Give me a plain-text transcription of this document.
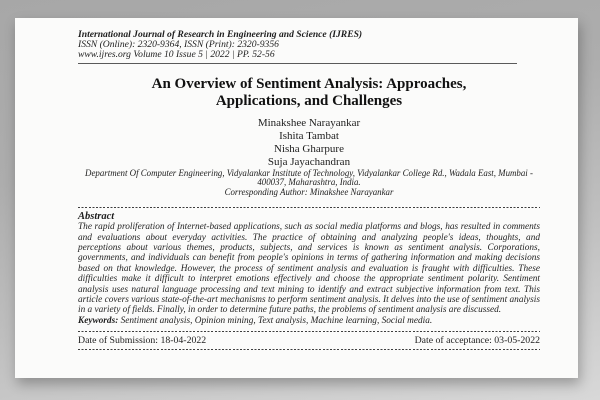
International Journal of Research in Engineering and Science (IJRES)
ISSN (Online): 2320-9364, ISSN (Print): 2320-9356
www.ijres.org Volume 10 Issue 5 | 2022 | PP. 52-56
An Overview of Sentiment Analysis: Approaches,
Applications, and Challenges
Minakshee Narayankar
Ishita Tambat
Nisha Gharpure
Suja Jayachandran
Department Of Computer Engineering, Vidyalankar Institute of Technology, Vidyalankar College Rd., Wadala East, Mumbai - 400037, Maharashtra, India.
Corresponding Author: Minakshee Narayankar
Abstract
The rapid proliferation of Internet-based applications, such as social media platforms and blogs, has resulted in comments and evaluations about everyday activities. The practice of obtaining and analyzing people's ideas, thoughts, and perceptions about various themes, products, subjects, and services is known as sentiment analysis. Corporations, governments, and individuals can benefit from people's opinions in terms of gathering information and making decisions based on that knowledge. However, the process of sentiment analysis and evaluation is fraught with difficulties. These difficulties make it difficult to interpret emotions effectively and choose the appropriate sentiment polarity. Sentiment analysis uses natural language processing and text mining to identify and extract subjective information from text. This article covers various state-of-the-art mechanisms to perform sentiment analysis. It delves into the use of sentiment analysis in a variety of fields. Finally, in order to determine future paths, the problems of sentiment analysis are discussed.
Keywords: Sentiment analysis, Opinion mining, Text analysis, Machine learning, Social media.
Date of Submission: 18-04-2022	Date of acceptance: 03-05-2022
